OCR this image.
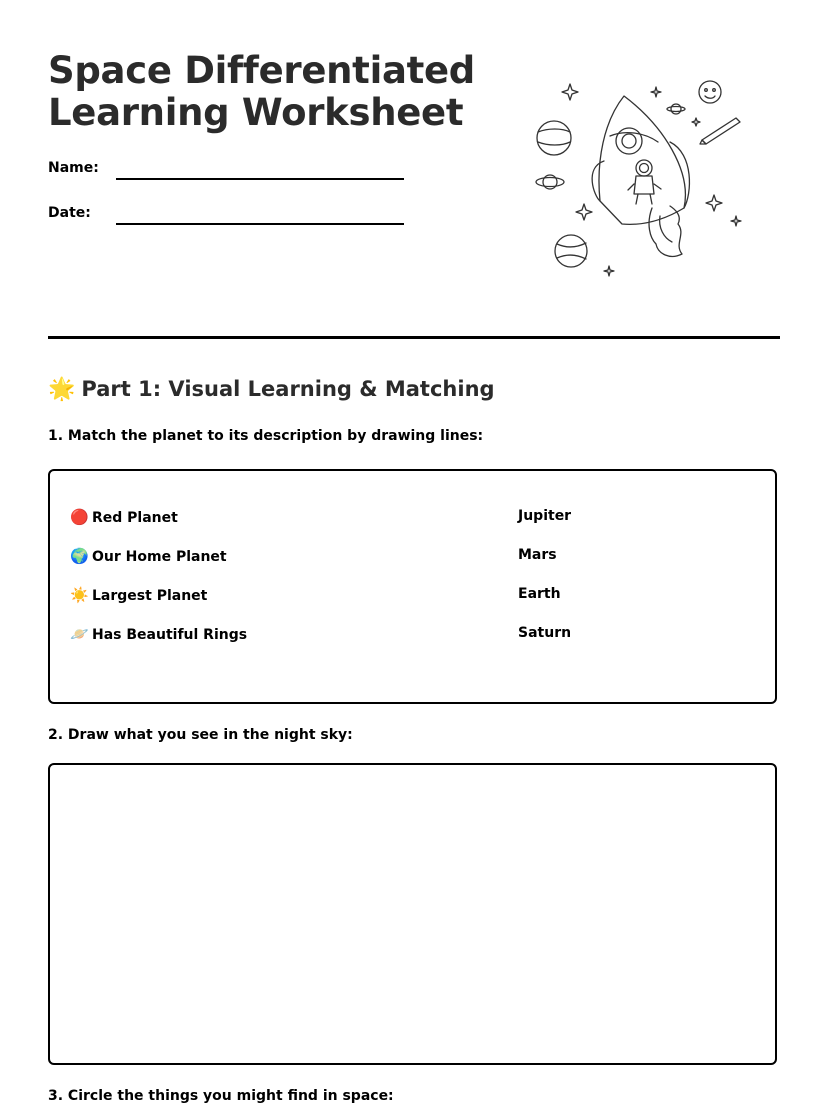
Space Differentiated
Learning Worksheet
Name:
Date:
🌟 Part 1: Visual Learning & Matching

1. Match the planet to its description by drawing lines:

🔴 Red Planet	Jupiter
🌍 Our Home Planet	Mars
☀️ Largest Planet	Earth
🪐 Has Beautiful Rings	Saturn

2. Draw what you see in the night sky:

3. Circle the things you might find in space:
